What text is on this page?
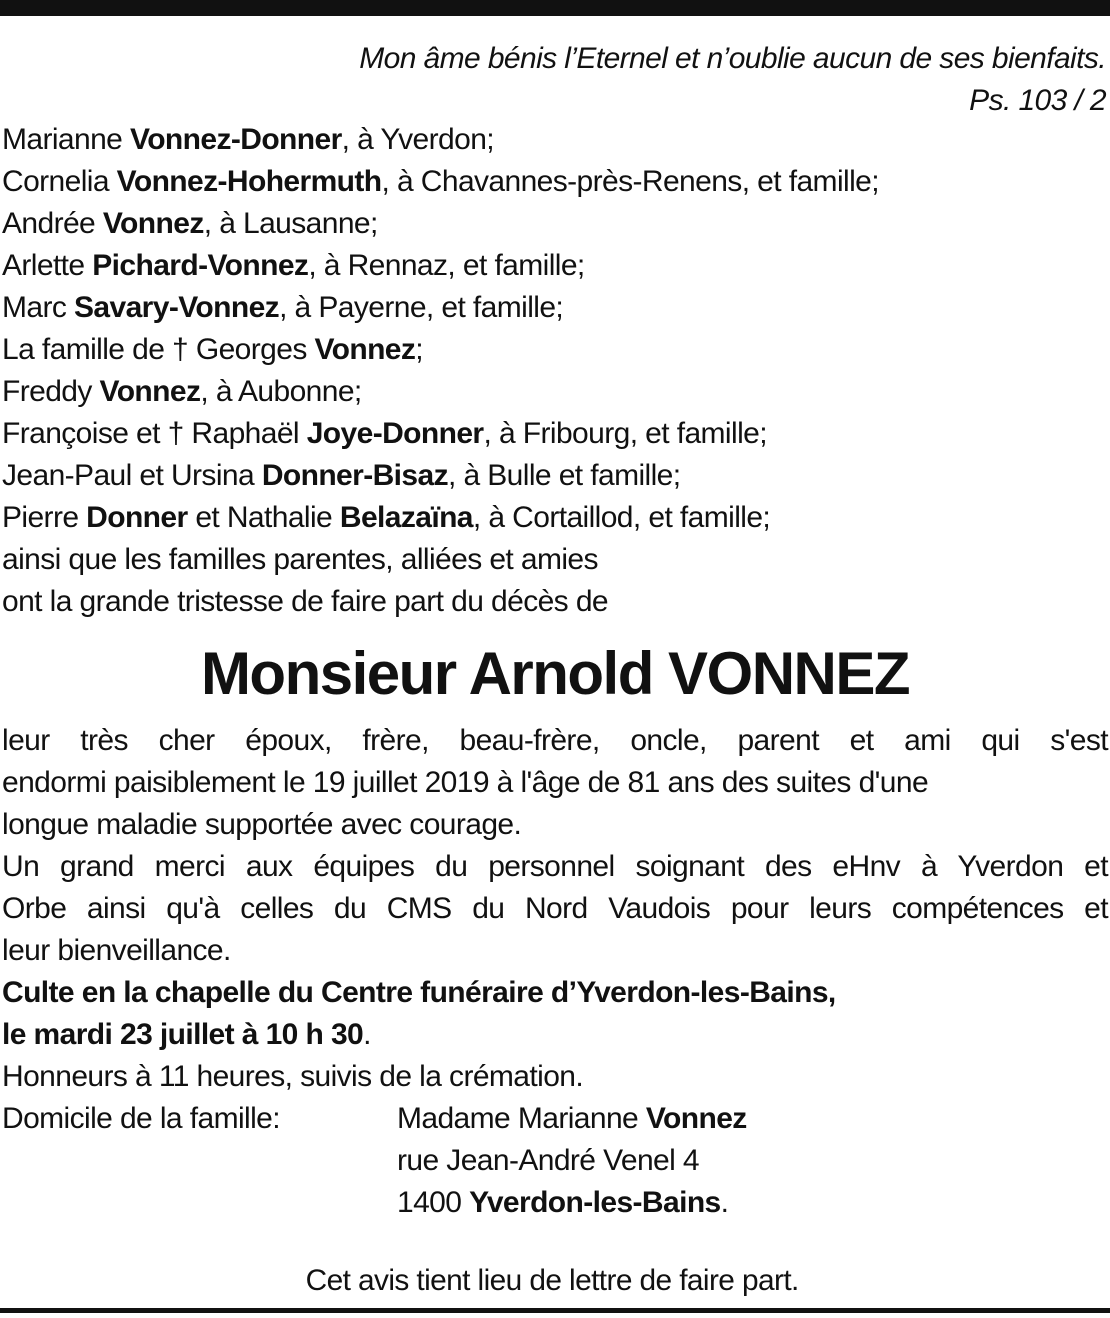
Mon âme bénis l’Eternel et n’oublie aucun de ses bienfaits.
Ps. 103 / 2
Marianne Vonnez-Donner, à Yverdon;
Cornelia Vonnez-Hohermuth, à Chavannes-près-Renens, et famille;
Andrée Vonnez, à Lausanne;
Arlette Pichard-Vonnez, à Rennaz, et famille;
Marc Savary-Vonnez, à Payerne, et famille;
La famille de † Georges Vonnez;
Freddy Vonnez, à Aubonne;
Françoise et † Raphaël Joye-Donner, à Fribourg, et famille;
Jean-Paul et Ursina Donner-Bisaz, à Bulle et famille;
Pierre Donner et Nathalie Belazaïna, à Cortaillod, et famille;
ainsi que les familles parentes, alliées et amies
ont la grande tristesse de faire part du décès de
Monsieur Arnold VONNEZ
leur très cher époux, frère, beau-frère, oncle, parent et ami qui s'est
endormi paisiblement le 19 juillet 2019 à l'âge de 81 ans des suites d'une
longue maladie supportée avec courage.
Un grand merci aux équipes du personnel soignant des eHnv à Yverdon et
Orbe ainsi qu'à celles du CMS du Nord Vaudois pour leurs compétences et
leur bienveillance.
Culte en la chapelle du Centre funéraire d’Yverdon-les-Bains,
le mardi 23 juillet à 10 h 30.
Honneurs à 11 heures, suivis de la crémation.
Domicile de la famille:	Madame Marianne Vonnez
rue Jean-André Venel 4
1400 Yverdon-les-Bains.
Cet avis tient lieu de lettre de faire part.
